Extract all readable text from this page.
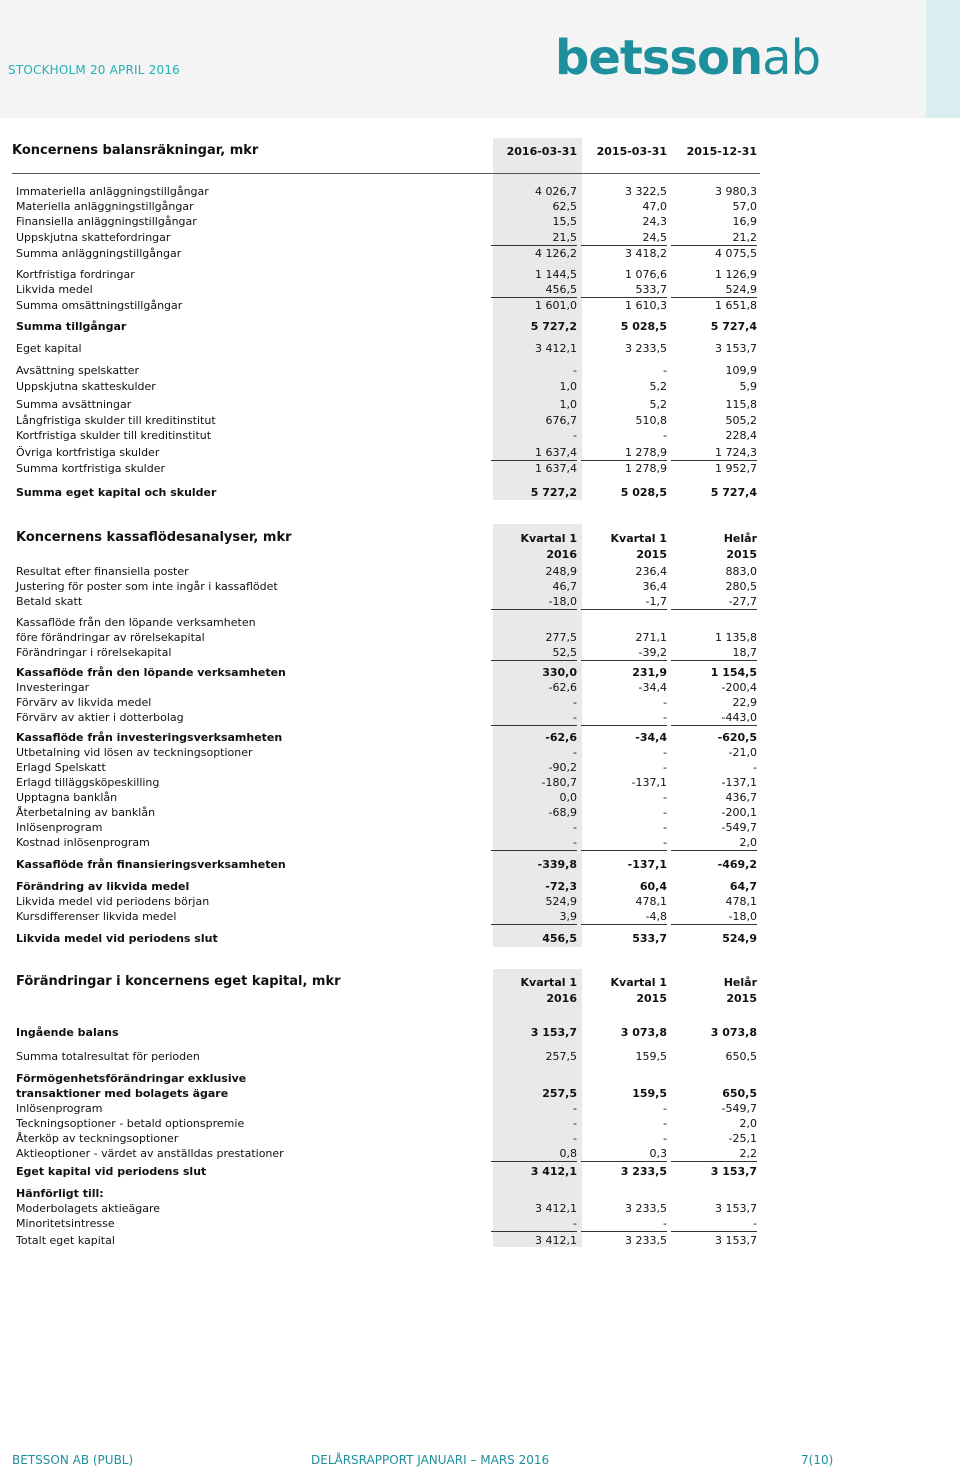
STOCKHOLM 20 APRIL 2016	betssonab
Koncernens balansräkningar, mkr	2016-03-31	2015-03-31	2015-12-31
Immateriella anläggningstillgångar	4 026,7	3 322,5	3 980,3
Materiella anläggningstillgångar	62,5	47,0	57,0
Finansiella anläggningstillgångar	15,5	24,3	16,9
Uppskjutna skattefordringar	21,5	24,5	21,2
Summa anläggningstillgångar	4 126,2	3 418,2	4 075,5
Kortfristiga fordringar	1 144,5	1 076,6	1 126,9
Likvida medel	456,5	533,7	524,9
Summa omsättningstillgångar	1 601,0	1 610,3	1 651,8
Summa tillgångar	5 727,2	5 028,5	5 727,4
Eget kapital	3 412,1	3 233,5	3 153,7
Avsättning spelskatter	-	-	109,9
Uppskjutna skatteskulder	1,0	5,2	5,9
Summa avsättningar	1,0	5,2	115,8
Långfristiga skulder till kreditinstitut	676,7	510,8	505,2
Kortfristiga skulder till kreditinstitut	-	-	228,4
Övriga kortfristiga skulder	1 637,4	1 278,9	1 724,3
Summa kortfristiga skulder	1 637,4	1 278,9	1 952,7
Summa eget kapital och skulder	5 727,2	5 028,5	5 727,4
Koncernens kassaflödesanalyser, mkr	Kvartal 1	Kvartal 1	Helår
2016	2015	2015
Resultat efter finansiella poster	248,9	236,4	883,0
Justering för poster som inte ingår i kassaflödet	46,7	36,4	280,5
Betald skatt	-18,0	-1,7	-27,7
Kassaflöde från den löpande verksamheten
före förändringar av rörelsekapital	277,5	271,1	1 135,8
Förändringar i rörelsekapital	52,5	-39,2	18,7
Kassaflöde från den löpande verksamheten	330,0	231,9	1 154,5
Investeringar	-62,6	-34,4	-200,4
Förvärv av likvida medel	-	-	22,9
Förvärv av aktier i dotterbolag	-	-	-443,0
Kassaflöde från investeringsverksamheten	-62,6	-34,4	-620,5
Utbetalning vid lösen av teckningsoptioner	-	-	-21,0
Erlagd Spelskatt	-90,2	-	-
Erlagd tilläggsköpeskilling	-180,7	-137,1	-137,1
Upptagna banklån	0,0	-	436,7
Återbetalning av banklån	-68,9	-	-200,1
Inlösenprogram	-	-	-549,7
Kostnad inlösenprogram	-	-	2,0
Kassaflöde från finansieringsverksamheten	-339,8	-137,1	-469,2
Förändring av likvida medel	-72,3	60,4	64,7
Likvida medel vid periodens början	524,9	478,1	478,1
Kursdifferenser likvida medel	3,9	-4,8	-18,0
Likvida medel vid periodens slut	456,5	533,7	524,9
Förändringar i koncernens eget kapital, mkr	Kvartal 1	Kvartal 1	Helår
2016	2015	2015
Ingående balans	3 153,7	3 073,8	3 073,8
Summa totalresultat för perioden	257,5	159,5	650,5
Förmögenhetsförändringar exklusive
transaktioner med bolagets ägare	257,5	159,5	650,5
Inlösenprogram	-	-	-549,7
Teckningsoptioner - betald optionspremie	-	-	2,0
Återköp av teckningsoptioner	-	-	-25,1
Aktieoptioner - värdet av anställdas prestationer	0,8	0,3	2,2
Eget kapital vid periodens slut	3 412,1	3 233,5	3 153,7
Hänförligt till:
Moderbolagets aktieägare	3 412,1	3 233,5	3 153,7
Minoritetsintresse	-	-	-
Totalt eget kapital	3 412,1	3 233,5	3 153,7
BETSSON AB (PUBL)	DELÅRSRAPPORT JANUARI – MARS 2016	7(10)
